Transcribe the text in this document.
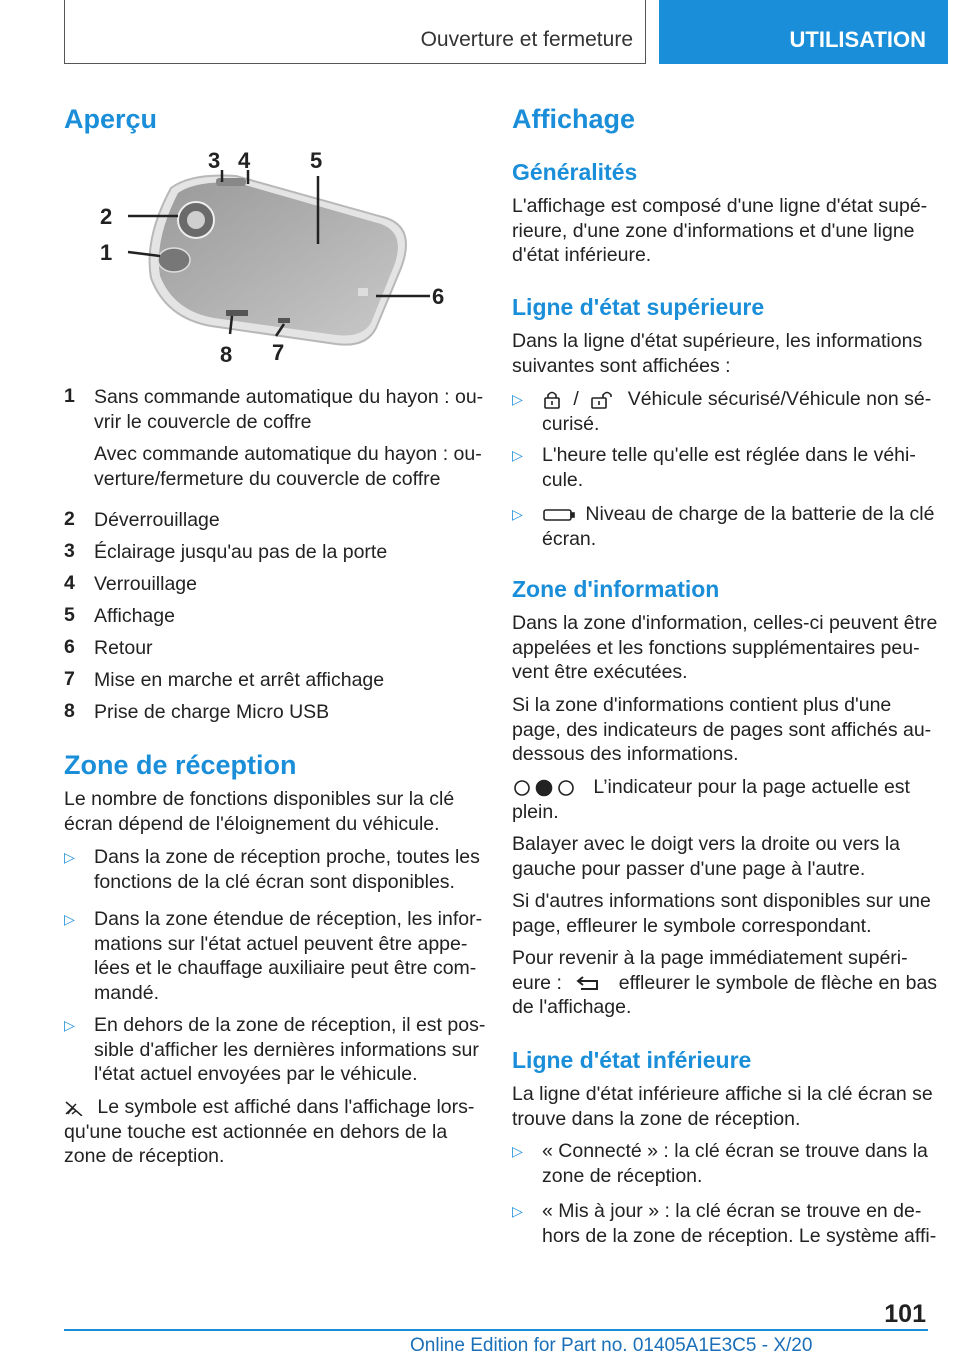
Ouverture et fermeture	UTILISATION
Aperçu
2
1
3 4	5
6
7
8
1 Sans commande automatique du hayon : ou-
vrir le couvercle de coffre
Avec commande automatique du hayon : ou-
verture/fermeture du couvercle de coffre
2 Déverrouillage
3 Éclairage jusqu'au pas de la porte
4 Verrouillage
5 Affichage
6 Retour
7 Mise en marche et arrêt affichage
8 Prise de charge Micro USB
Zone de réception
Le nombre de fonctions disponibles sur la clé
écran dépend de l'éloignement du véhicule.
▷ Dans la zone de réception proche, toutes les
fonctions de la clé écran sont disponibles.
▷ Dans la zone étendue de réception, les infor-
mations sur l'état actuel peuvent être appe-
lées et le chauffage auxiliaire peut être com-
mandé.
▷ En dehors de la zone de réception, il est pos-
sible d'afficher les dernières informations sur
l'état actuel envoyées par le véhicule.
Le symbole est affiché dans l'affichage lors-
qu'une touche est actionnée en dehors de la
zone de réception.
Affichage
Généralités
L'affichage est composé d'une ligne d'état supé-
rieure, d'une zone d'informations et d'une ligne
d'état inférieure.
Ligne d'état supérieure
Dans la ligne d'état supérieure, les informations
suivantes sont affichées :
▷	/	Véhicule sécurisé/Véhicule non sé-
curisé.
▷ L'heure telle qu'elle est réglée dans le véhi-
cule.
▷	Niveau de charge de la batterie de la clé
écran.
Zone d'information
Dans la zone d'information, celles-ci peuvent être
appelées et les fonctions supplémentaires peu-
vent être exécutées.
Si la zone d'informations contient plus d'une
page, des indicateurs de pages sont affichés au-
dessous des informations.
L’indicateur pour la page actuelle est
plein.
Balayer avec le doigt vers la droite ou vers la
gauche pour passer d'une page à l'autre.
Si d'autres informations sont disponibles sur une
page, effleurer le symbole correspondant.
Pour revenir à la page immédiatement supéri-
eure :	effleurer le symbole de flèche en bas
de l'affichage.
Ligne d'état inférieure
La ligne d'état inférieure affiche si la clé écran se
trouve dans la zone de réception.
▷ « Connecté » : la clé écran se trouve dans la
zone de réception.
▷ « Mis à jour » : la clé écran se trouve en de-
hors de la zone de réception. Le système affi-
101
Online Edition for Part no. 01405A1E3C5 - X/20
